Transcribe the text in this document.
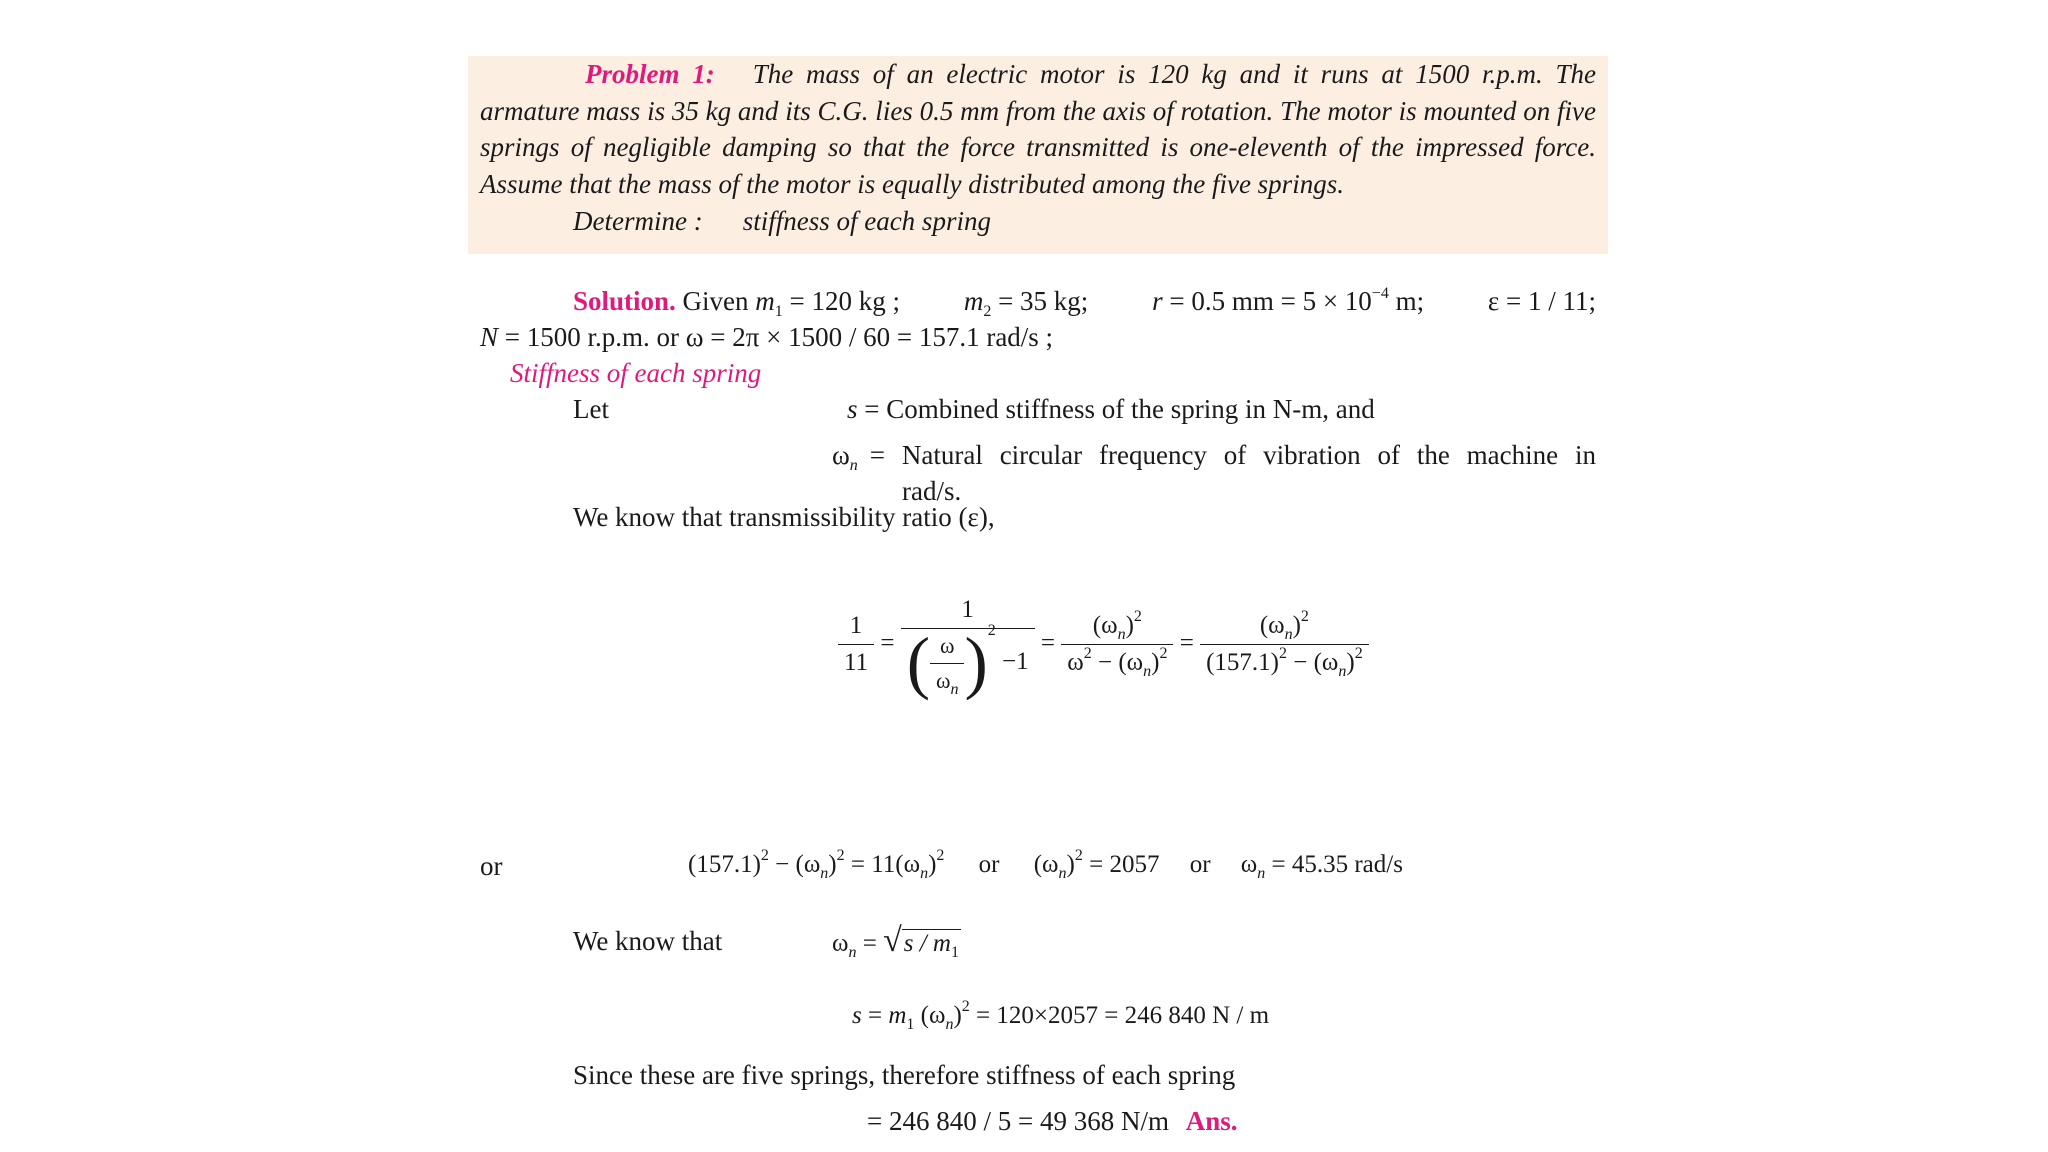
Problem 1: The mass of an electric motor is 120 kg and it runs at 1500 r.p.m. The armature mass is 35 kg and its C.G. lies 0.5 mm from the axis of rotation. The motor is mounted on five springs of negligible damping so that the force transmitted is one-eleventh of the impressed force. Assume that the mass of the motor is equally distributed among the five springs.
Determine : stiffness of each spring
Solution. Given $m_1 = 120$ kg ; $m_2 = 35$ kg; r = 0.5 mm = $5 \times 10^{-4}$ m; ε = 1 / 11;
N = 1500 r.p.m. or ω = 2π × 1500 / 60 = 157.1 rad/s ;
Stiffness of each spring
Let	s = Combined stiffness of the spring in N-m, and
$\omega_n$ = Natural circular frequency of vibration of the machine in
rad/s.
We know that transmissibility ratio (ε),
$\frac{1}{11} = \frac{1}{( \frac{\omega}{\omega_n} )^2 -1} = \frac{(\omega_n)^2}{\omega^2 - (\omega_n)^2} = \frac{(\omega_n)^2}{(157.1)^2 - (\omega_n)^2}$
or	$(157.1)^2 - (\omega_n)^2 = 11(\omega_n)^2$ or $(\omega_n)^2 = 2057$ or $\omega_n = 45.35$ rad/s
We know that	$\omega_n = √s / m_1$
$s = m_1$ $(\omega_n)^2 = 120\times 2057 = 246$ 840 N / m
Since these are five springs, therefore stiffness of each spring
= 246 840 / 5 = 49 368 N/m Ans.
